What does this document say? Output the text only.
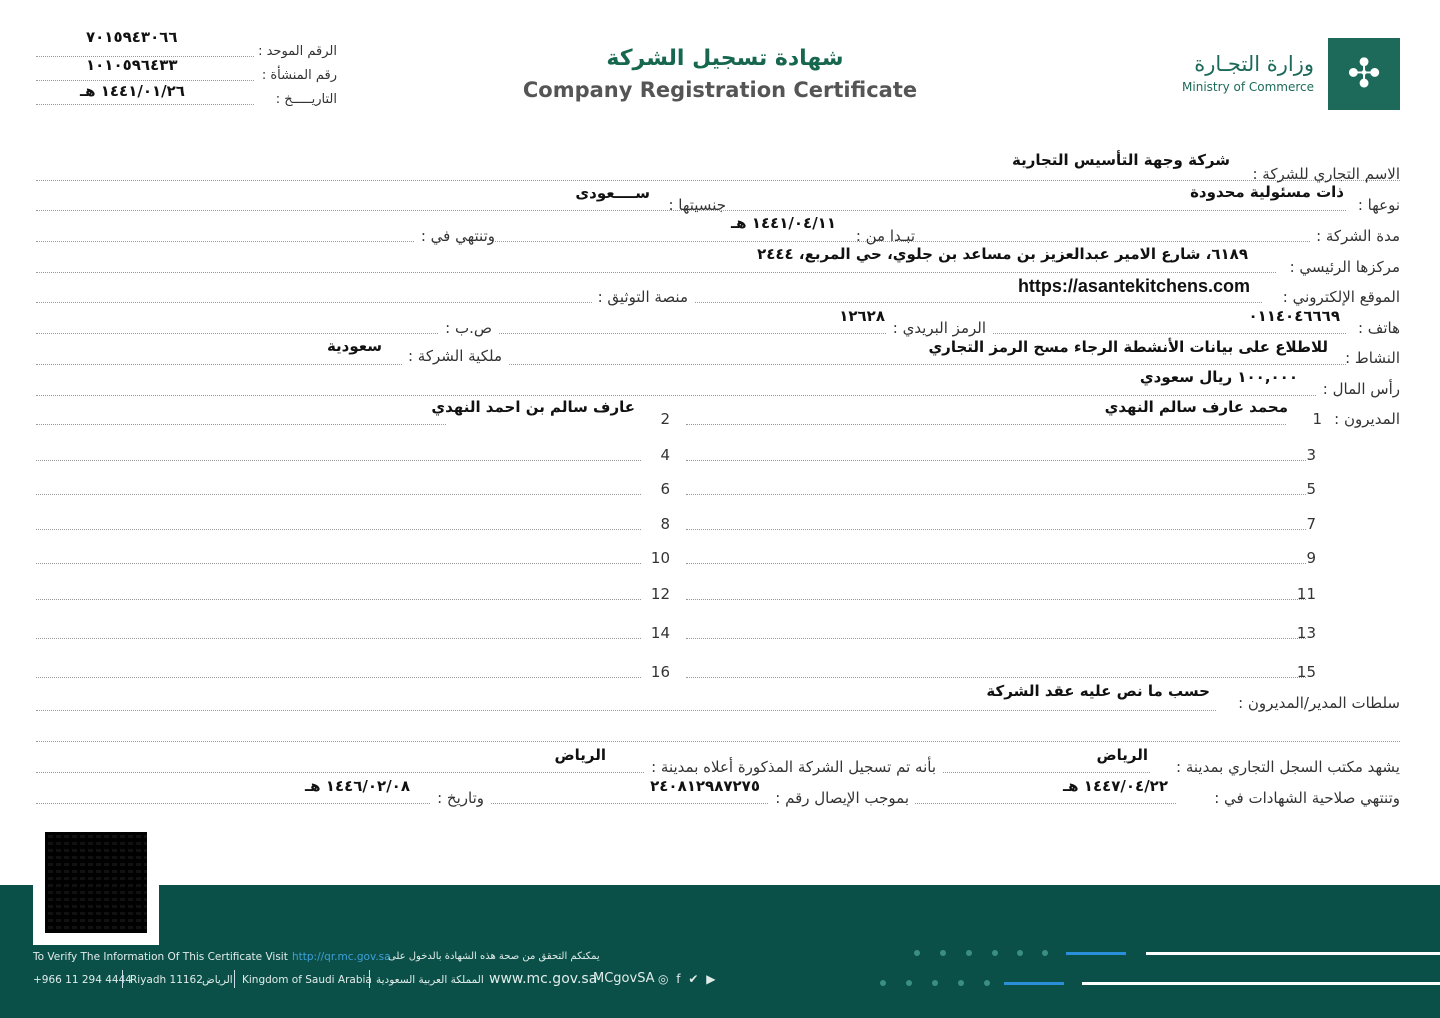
٧٠١٥٩٤٣٠٦٦
الرقم الموحد :
١٠١٠٥٩٦٤٣٣
رقم المنشأة :
١٤٤١/٠١/٢٦ هـ	التاريـــــخ :
شهادة تسجيل الشركة
Company Registration Certificate
وزارة التجـارة
Ministry of Commerce ✣
الاسم التجاري للشركة :
شركة وجهة التأسيس التجارية
نوعها :
ذات مسئولية محدودة
جنسيتها :
ســــعودى
مدة الشركة :
تبـدا من :
١٤٤١/٠٤/١١ هـ
وتنتهي في :
مركزها الرئيسي :
٦١٨٩، شارع الامير عبدالعزيز بن مساعد بن جلوي، حي المربع، ٢٤٤٤
الموقع الإلكتروني :
https://asantekitchens.com
منصة التوثيق :
هاتف :
٠١١٤٠٤٦٦٦٩
الرمز البريدي :
١٢٦٢٨
ص.ب :
النشاط :
للاطلاع على بيانات الأنشطة الرجاء مسح الرمز التجاري
ملكية الشركة :
سعودية
رأس المال :
١٠٠,٠٠٠ ريال سعودي
المديرون :
1
محمد عارف سالم النهدي
2
عارف سالم بن احمد النهدي
3
4
5
6
7
8
9
10
11
12
13
14
15
16
سلطات المدير/المديرون :
حسب ما نص عليه عقد الشركة
يشهد مكتب السجل التجاري بمدينة :
الرياض
بأنه تم تسجيل الشركة المذكورة أعلاه بمدينة :
الرياض
وتنتهي صلاحية الشهادات في :
١٤٤٧/٠٤/٢٢ هـ
بموجب الإيصال رقم :
٢٤٠٨١٢٩٨٧٢٧٥
وتاريخ :
١٤٤٦/٠٢/٠٨ هـ
To Verify The Information Of This Certificate Visit http://qr.mc.gov.sa
يمكنكم التحقق من صحة هذه الشهادة بالدخول على
+966 11 294 4444
Riyadh 11162 الرياض Kingdom of Saudi Arabia المملكة العربية السعودية www.mc.gov.sa
MCgovSA ◎ f ✔ ▶
